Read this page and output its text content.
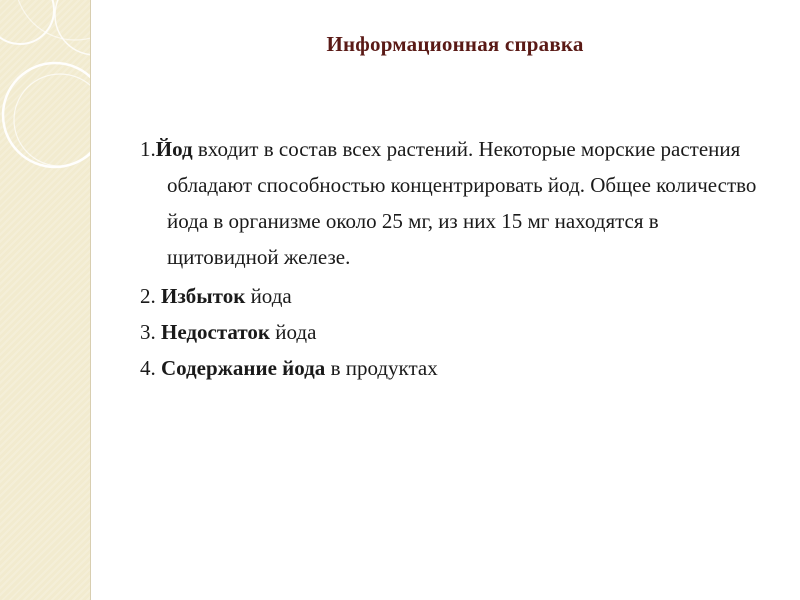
Информационная справка

1.Йод входит в состав всех растений. Некоторые морские растения обладают способностью концентрировать йод. Общее количество йода в организме около 25 мг, из них 15 мг находятся в щитовидной железе.

2. Избыток йода

3. Недостаток йода

4. Содержание йода в продуктах
